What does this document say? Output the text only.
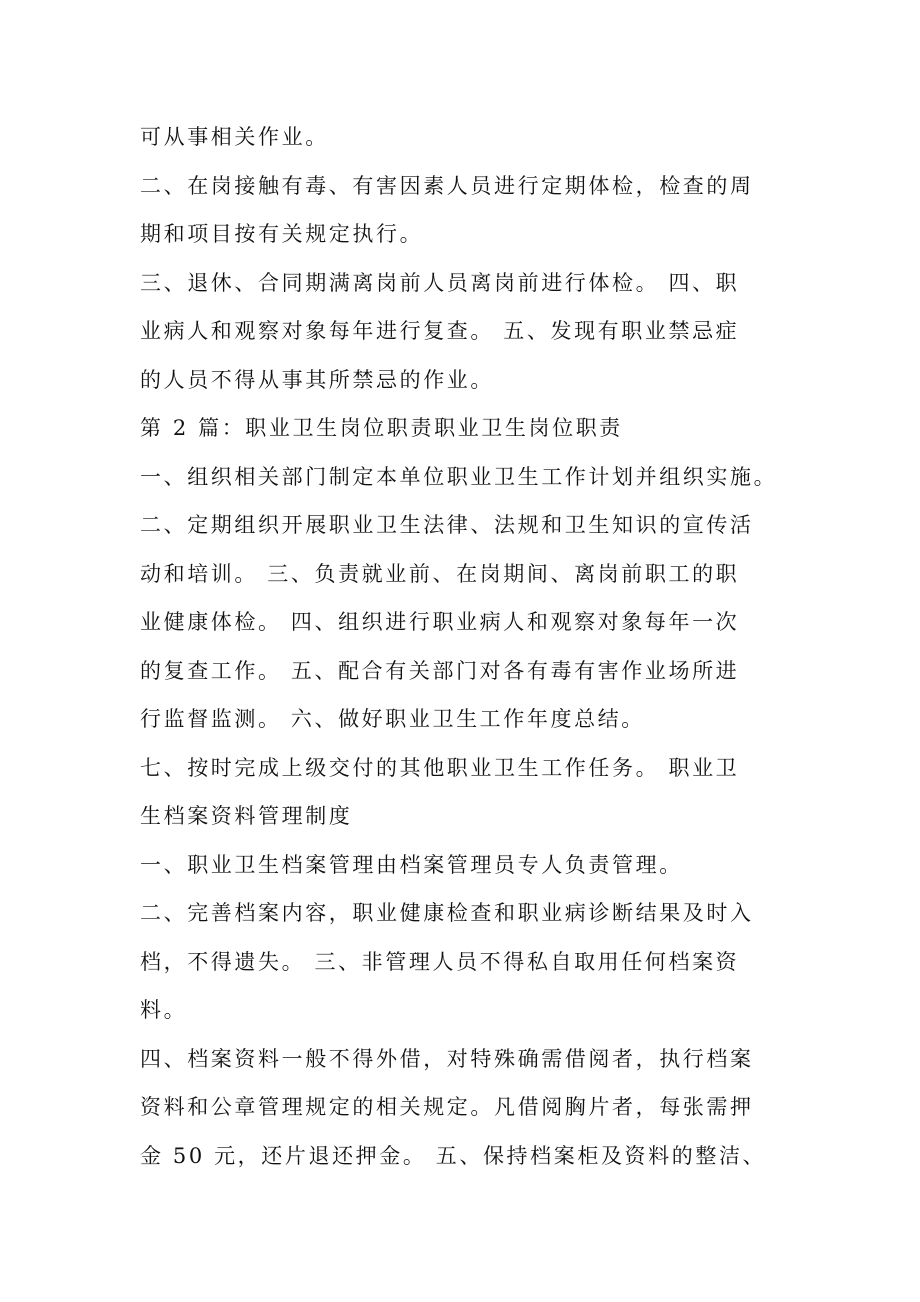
可从事相关作业。
二、在岗接触有毒、有害因素人员进行定期体检，检查的周
期和项目按有关规定执行。
三、退休、合同期满离岗前人员离岗前进行体检。 四、职
业病人和观察对象每年进行复查。 五、发现有职业禁忌症
的人员不得从事其所禁忌的作业。
第 2 篇：职业卫生岗位职责职业卫生岗位职责
一、组织相关部门制定本单位职业卫生工作计划并组织实施。
二、定期组织开展职业卫生法律、法规和卫生知识的宣传活
动和培训。 三、负责就业前、在岗期间、离岗前职工的职
业健康体检。 四、组织进行职业病人和观察对象每年一次
的复查工作。 五、配合有关部门对各有毒有害作业场所进
行监督监测。 六、做好职业卫生工作年度总结。
七、按时完成上级交付的其他职业卫生工作任务。 职业卫
生档案资料管理制度
一、职业卫生档案管理由档案管理员专人负责管理。
二、完善档案内容，职业健康检查和职业病诊断结果及时入
档，不得遗失。 三、非管理人员不得私自取用任何档案资
料。
四、档案资料一般不得外借，对特殊确需借阅者，执行档案
资料和公章管理规定的相关规定。凡借阅胸片者，每张需押
金 50 元，还片退还押金。 五、保持档案柜及资料的整洁、
